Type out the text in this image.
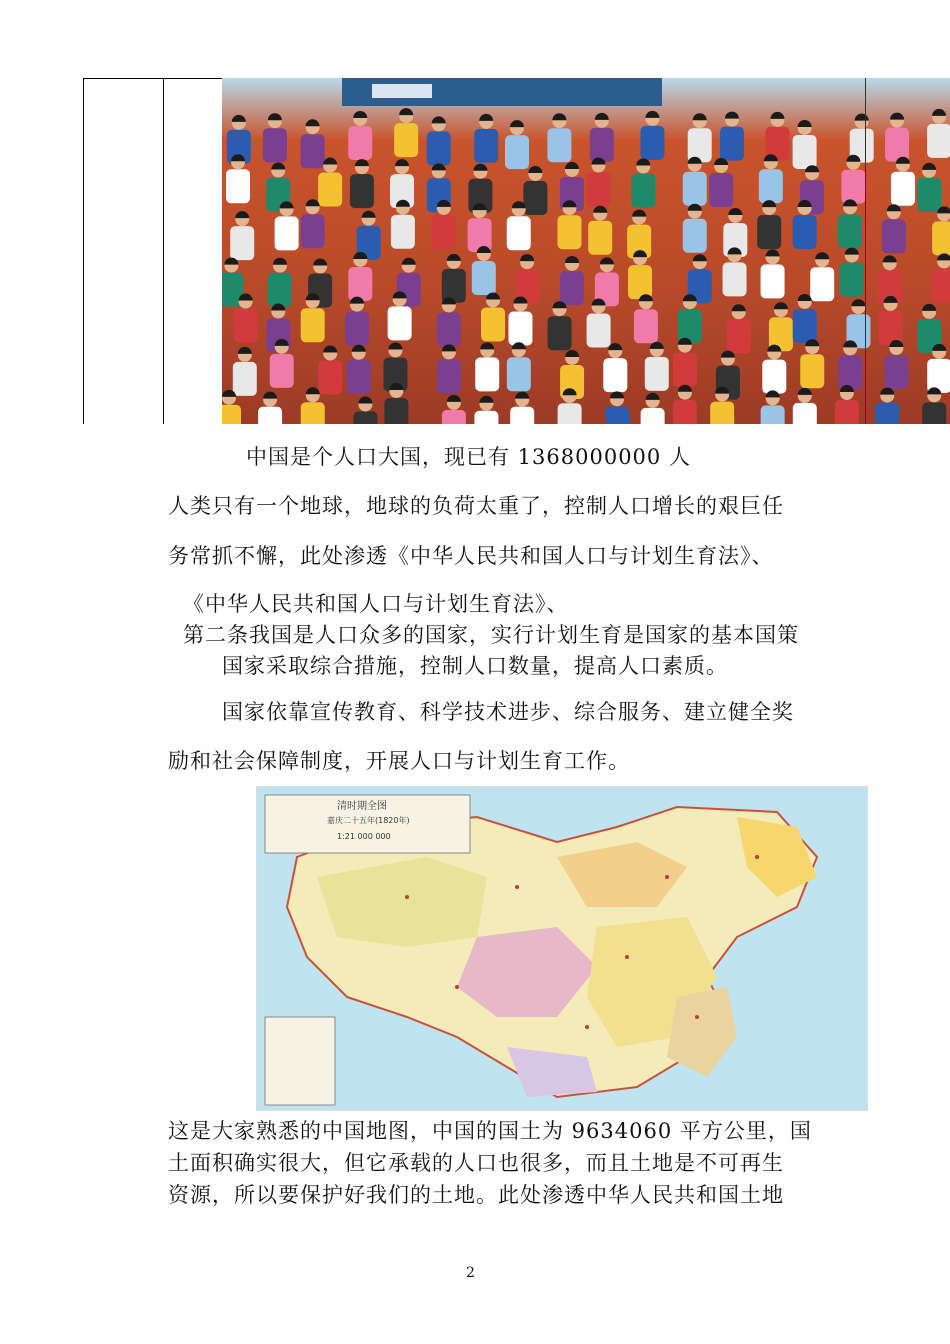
中国是个人口大国，现已有 1368000000 人
人类只有一个地球，地球的负荷太重了，控制人口增长的艰巨任
务常抓不懈，此处渗透《中华人民共和国人口与计划生育法》、
《中华人民共和国人口与计划生育法》、
第二条我国是人口众多的国家，实行计划生育是国家的基本国策
国家采取综合措施，控制人口数量，提高人口素质。
国家依靠宣传教育、科学技术进步、综合服务、建立健全奖
励和社会保障制度，开展人口与计划生育工作。
清时期全图
嘉庆二十五年(1820年)
1:21 000 000
这是大家熟悉的中国地图，中国的国土为 9634060 平方公里，国
土面积确实很大，但它承载的人口也很多，而且土地是不可再生
资源，所以要保护好我们的土地。此处渗透中华人民共和国土地
2
